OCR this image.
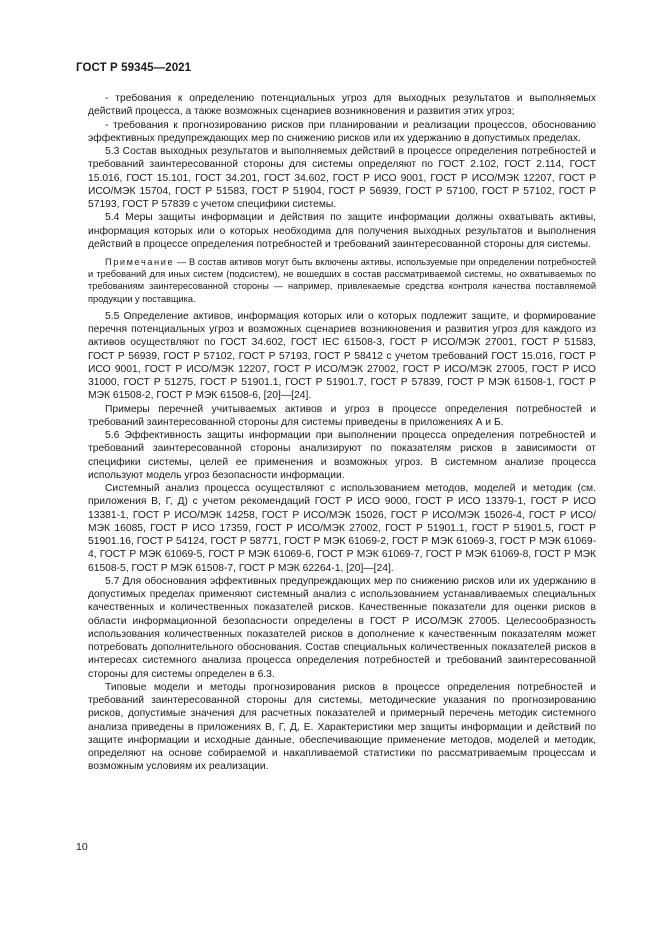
ГОСТ Р 59345—2021

- требования к определению потенциальных угроз для выходных результатов и выполняемых действий процесса, а также возможных сценариев возникновения и развития этих угроз;

- требования к прогнозированию рисков при планировании и реализации процессов, обоснованию эффективных предупреждающих мер по снижению рисков или их удержанию в допустимых пределах.

5.3 Состав выходных результатов и выполняемых действий в процессе определения потребностей и требований заинтересованной стороны для системы определяют по ГОСТ 2.102, ГОСТ 2.114, ГОСТ 15.016, ГОСТ 15.101, ГОСТ 34.201, ГОСТ 34.602, ГОСТ Р ИСО 9001, ГОСТ Р ИСО/МЭК 12207, ГОСТ Р ИСО/МЭК 15704, ГОСТ Р 51583, ГОСТ Р 51904, ГОСТ Р 56939, ГОСТ Р 57100, ГОСТ Р 57102, ГОСТ Р 57193, ГОСТ Р 57839 с учетом специфики системы.

5.4 Меры защиты информации и действия по защите информации должны охватывать активы, информация которых или о которых необходима для получения выходных результатов и выполнения действий в процессе определения потребностей и требований заинтересованной стороны для системы.

Примечание — В состав активов могут быть включены активы, используемые при определении потребностей и требований для иных систем (подсистем), не вошедших в состав рассматриваемой системы, но охватываемых по требованиям заинтересованной стороны — например, привлекаемые средства контроля качества поставляемой продукции у поставщика.

5.5 Определение активов, информация которых или о которых подлежит защите, и формирование перечня потенциальных угроз и возможных сценариев возникновения и развития угроз для каждого из активов осуществляют по ГОСТ 34.602, ГОСТ IEC 61508-3, ГОСТ Р ИСО/МЭК 27001, ГОСТ Р 51583, ГОСТ Р 56939, ГОСТ Р 57102, ГОСТ Р 57193, ГОСТ Р 58412 с учетом требований ГОСТ 15.016, ГОСТ Р ИСО 9001, ГОСТ Р ИСО/МЭК 12207, ГОСТ Р ИСО/МЭК 27002, ГОСТ Р ИСО/МЭК 27005, ГОСТ Р ИСО 31000, ГОСТ Р 51275, ГОСТ Р 51901.1, ГОСТ Р 51901.7, ГОСТ Р 57839, ГОСТ Р МЭК 61508-1, ГОСТ Р МЭК 61508-2, ГОСТ Р МЭК 61508-6, [20]—[24].

Примеры перечней учитываемых активов и угроз в процессе определения потребностей и требований заинтересованной стороны для системы приведены в приложениях А и Б.

5.6 Эффективность защиты информации при выполнении процесса определения потребностей и требований заинтересованной стороны анализируют по показателям рисков в зависимости от специфики системы, целей ее применения и возможных угроз. В системном анализе процесса используют модель угроз безопасности информации.

Системный анализ процесса осуществляют с использованием методов, моделей и методик (см. приложения В, Г, Д) с учетом рекомендаций ГОСТ Р ИСО 9000, ГОСТ Р ИСО 13379-1, ГОСТ Р ИСО 13381-1, ГОСТ Р ИСО/МЭК 14258, ГОСТ Р ИСО/МЭК 15026, ГОСТ Р ИСО/МЭК 15026-4, ГОСТ Р ИСО/МЭК 16085, ГОСТ Р ИСО 17359, ГОСТ Р ИСО/МЭК 27002, ГОСТ Р 51901.1, ГОСТ Р 51901.5, ГОСТ Р 51901.16, ГОСТ Р 54124, ГОСТ Р 58771, ГОСТ Р МЭК 61069-2, ГОСТ Р МЭК 61069-3, ГОСТ Р МЭК 61069-4, ГОСТ Р МЭК 61069-5, ГОСТ Р МЭК 61069-6, ГОСТ Р МЭК 61069-7, ГОСТ Р МЭК 61069-8, ГОСТ Р МЭК 61508-5, ГОСТ Р МЭК 61508-7, ГОСТ Р МЭК 62264-1, [20]—[24].

5.7 Для обоснования эффективных предупреждающих мер по снижению рисков или их удержанию в допустимых пределах применяют системный анализ с использованием устанавливаемых специальных качественных и количественных показателей рисков. Качественные показатели для оценки рисков в области информационной безопасности определены в ГОСТ Р ИСО/МЭК 27005. Целесообразность использования количественных показателей рисков в дополнение к качественным показателям может потребовать дополнительного обоснования. Состав специальных количественных показателей рисков в интересах системного анализа процесса определения потребностей и требований заинтересованной стороны для системы определен в 6.3.

Типовые модели и методы прогнозирования рисков в процессе определения потребностей и требований заинтересованной стороны для системы, методические указания по прогнозированию рисков, допустимые значения для расчетных показателей и примерный перечень методик системного анализа приведены в приложениях В, Г, Д, Е. Характеристики мер защиты информации и действий по защите информации и исходные данные, обеспечивающие применение методов, моделей и методик, определяют на основе собираемой и накапливаемой статистики по рассматриваемым процессам и возможным условиям их реализации.

10
